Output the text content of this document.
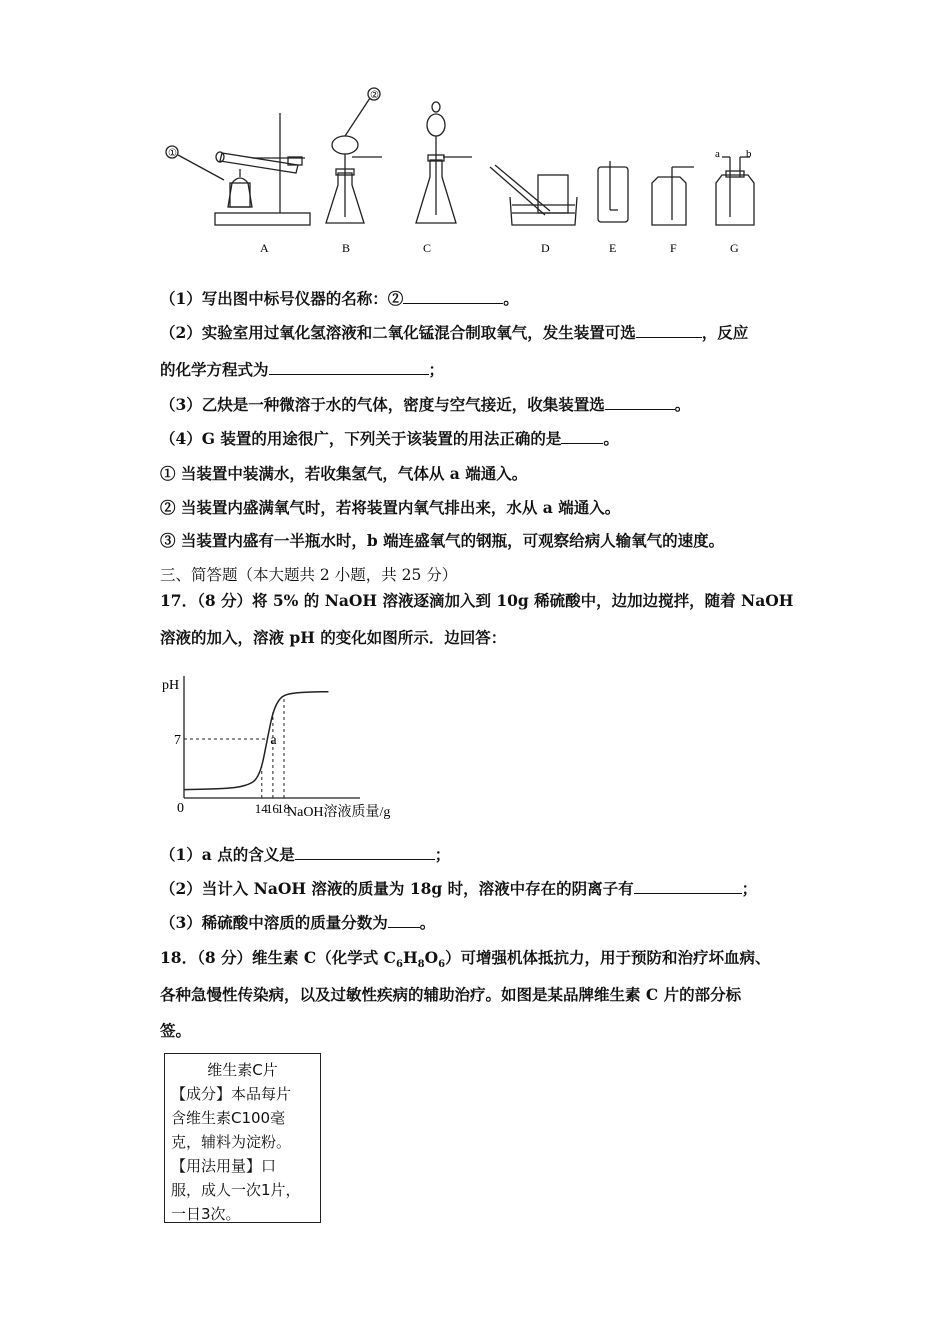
①
②
a b
A	B	C	D	E	F	G
（1）写出图中标号仪器的名称：②	。
（2）实验室用过氧化氢溶液和二氧化锰混合制取氧气，发生装置可选	，反应
的化学方程式为	；
（3）乙炔是一种微溶于水的气体，密度与空气接近，收集装置选	。
（4）G 装置的用途很广，下列关于该装置的用法正确的是	。
① 当装置中装满水，若收集氢气，气体从 a 端通入。
② 当装置内盛满氧气时，若将装置内氧气排出来，水从 a 端通入。
③ 当装置内盛有一半瓶水时，b 端连盛氧气的钢瓶，可观察给病人输氧气的速度。
三、简答题（本大题共 2 小题，共 25 分）
17．（8 分）将 5% 的 NaOH 溶液逐滴加入到 10g 稀硫酸中，边加边搅拌，随着 NaOH
溶液的加入，溶液 pH 的变化如图所示．边回答：
pH
7
0	14
16
18
NaOH溶液质量/g
a
（1）a 点的含义是	；
（2）当计入 NaOH 溶液的质量为 18g 时，溶液中存在的阴离子有	；
（3）稀硫酸中溶质的质量分数为 。
18．（8 分）维生素 C（化学式 $C_6H_8O_6$）可增强机体抵抗力，用于预防和治疗坏血病、
各种急慢性传染病，以及过敏性疾病的辅助治疗。如图是某品牌维生素 C 片的部分标
签。
维生素C片
【成分】本品每片
含维生素C100毫
克，辅料为淀粉。
【用法用量】口
服，成人一次1片，
一日3次。
